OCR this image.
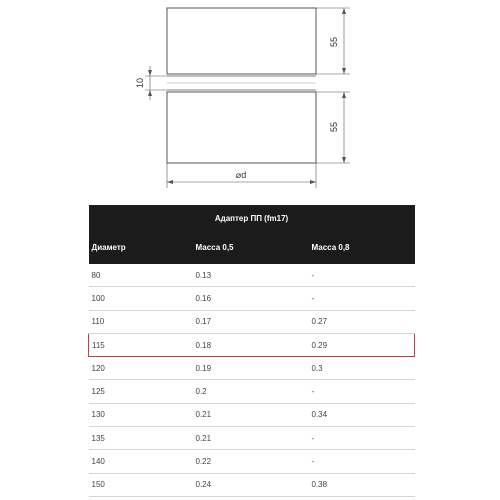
55
55
10
⌀d
Адаптер ПП (fm17)		
Диаметр	Масса 0,5	Масса 0,8
80	0.13	-
100	0.16	-
110	0.17	0.27
115	0.18	0.29
120	0.19	0.3
125	0.2	-
130	0.21	0.34
135	0.21	-
140	0.22	-
150	0.24	0.38
